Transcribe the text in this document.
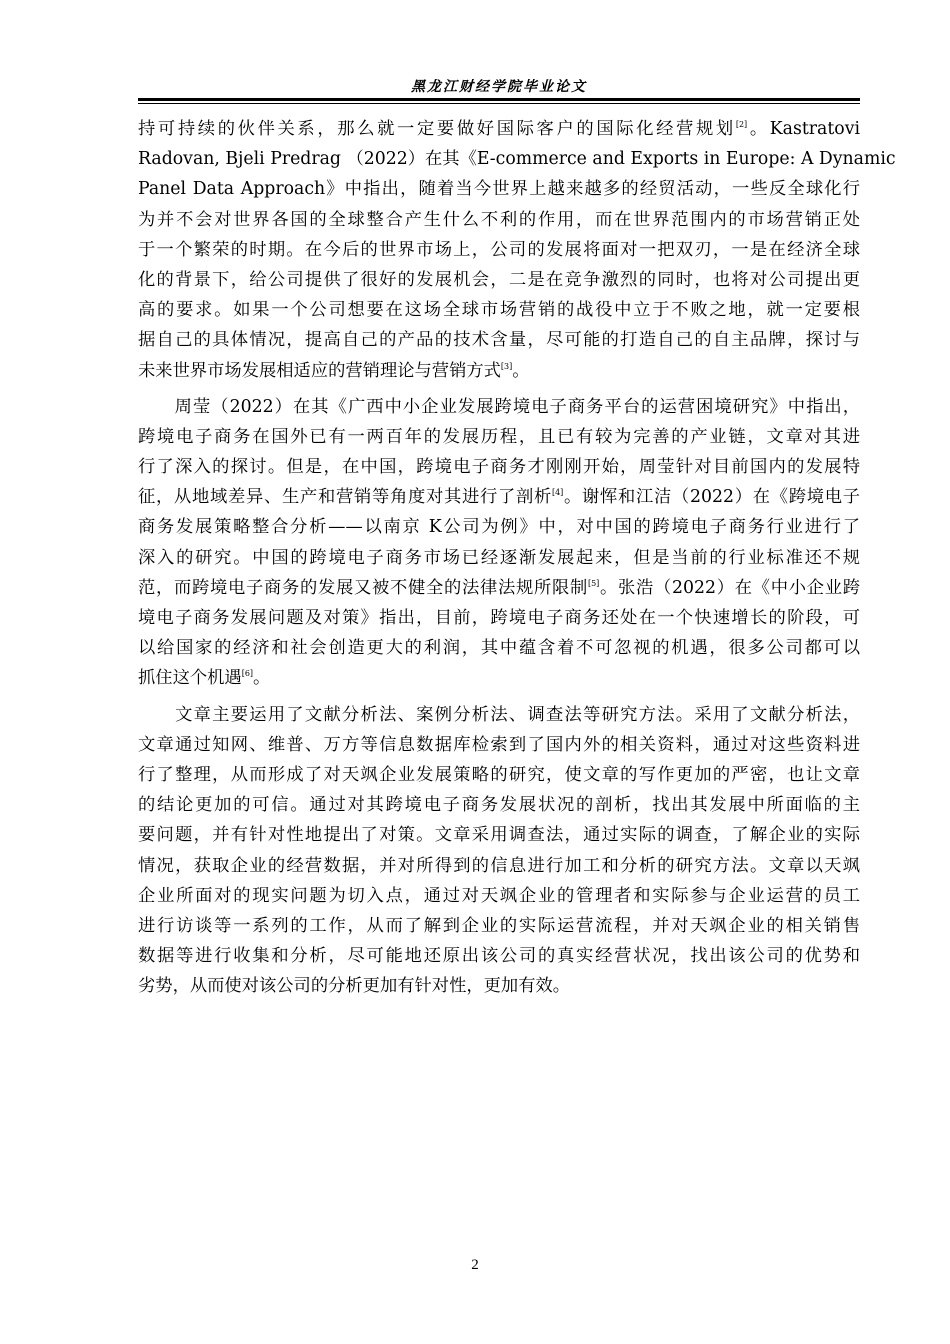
黑龙江财经学院毕业论文
持可持续的伙伴关系，那么就一定要做好国际客户的国际化经营规划[2]。Kastratovi
Radovan, Bjeli Predrag （2022）在其《E-commerce and Exports in Europe: A Dynamic
Panel Data Approach》中指出，随着当今世界上越来越多的经贸活动，一些反全球化行
为并不会对世界各国的全球整合产生什么不利的作用，而在世界范围内的市场营销正处
于一个繁荣的时期。在今后的世界市场上，公司的发展将面对一把双刃，一是在经济全球
化的背景下，给公司提供了很好的发展机会，二是在竞争激烈的同时，也将对公司提出更
高的要求。如果一个公司想要在这场全球市场营销的战役中立于不败之地，就一定要根
据自己的具体情况，提高自己的产品的技术含量，尽可能的打造自己的自主品牌，探讨与
未来世界市场发展相适应的营销理论与营销方式[3]。
　　周莹（2022）在其《广西中小企业发展跨境电子商务平台的运营困境研究》中指出，
跨境电子商务在国外已有一两百年的发展历程，且已有较为完善的产业链，文章对其进
行了深入的探讨。但是，在中国，跨境电子商务才刚刚开始，周莹针对目前国内的发展特
征，从地域差异、生产和营销等角度对其进行了剖析[4]。谢恽和江洁（2022）在《跨境电子
商务发展策略整合分析——以南京 K公司为例》中，对中国的跨境电子商务行业进行了
深入的研究。中国的跨境电子商务市场已经逐渐发展起来，但是当前的行业标准还不规
范，而跨境电子商务的发展又被不健全的法律法规所限制[5]。张浩（2022）在《中小企业跨
境电子商务发展问题及对策》指出，目前，跨境电子商务还处在一个快速增长的阶段，可
以给国家的经济和社会创造更大的利润，其中蕴含着不可忽视的机遇，很多公司都可以
抓住这个机遇[6]。
　　文章主要运用了文献分析法、案例分析法、调查法等研究方法。采用了文献分析法，
文章通过知网、维普、万方等信息数据库检索到了国内外的相关资料，通过对这些资料进
行了整理，从而形成了对天飒企业发展策略的研究，使文章的写作更加的严密，也让文章
的结论更加的可信。通过对其跨境电子商务发展状况的剖析，找出其发展中所面临的主
要问题，并有针对性地提出了对策。文章采用调查法，通过实际的调查，了解企业的实际
情况，获取企业的经营数据，并对所得到的信息进行加工和分析的研究方法。文章以天飒
企业所面对的现实问题为切入点，通过对天飒企业的管理者和实际参与企业运营的员工
进行访谈等一系列的工作，从而了解到企业的实际运营流程，并对天飒企业的相关销售
数据等进行收集和分析，尽可能地还原出该公司的真实经营状况，找出该公司的优势和
劣势，从而使对该公司的分析更加有针对性，更加有效。
2
